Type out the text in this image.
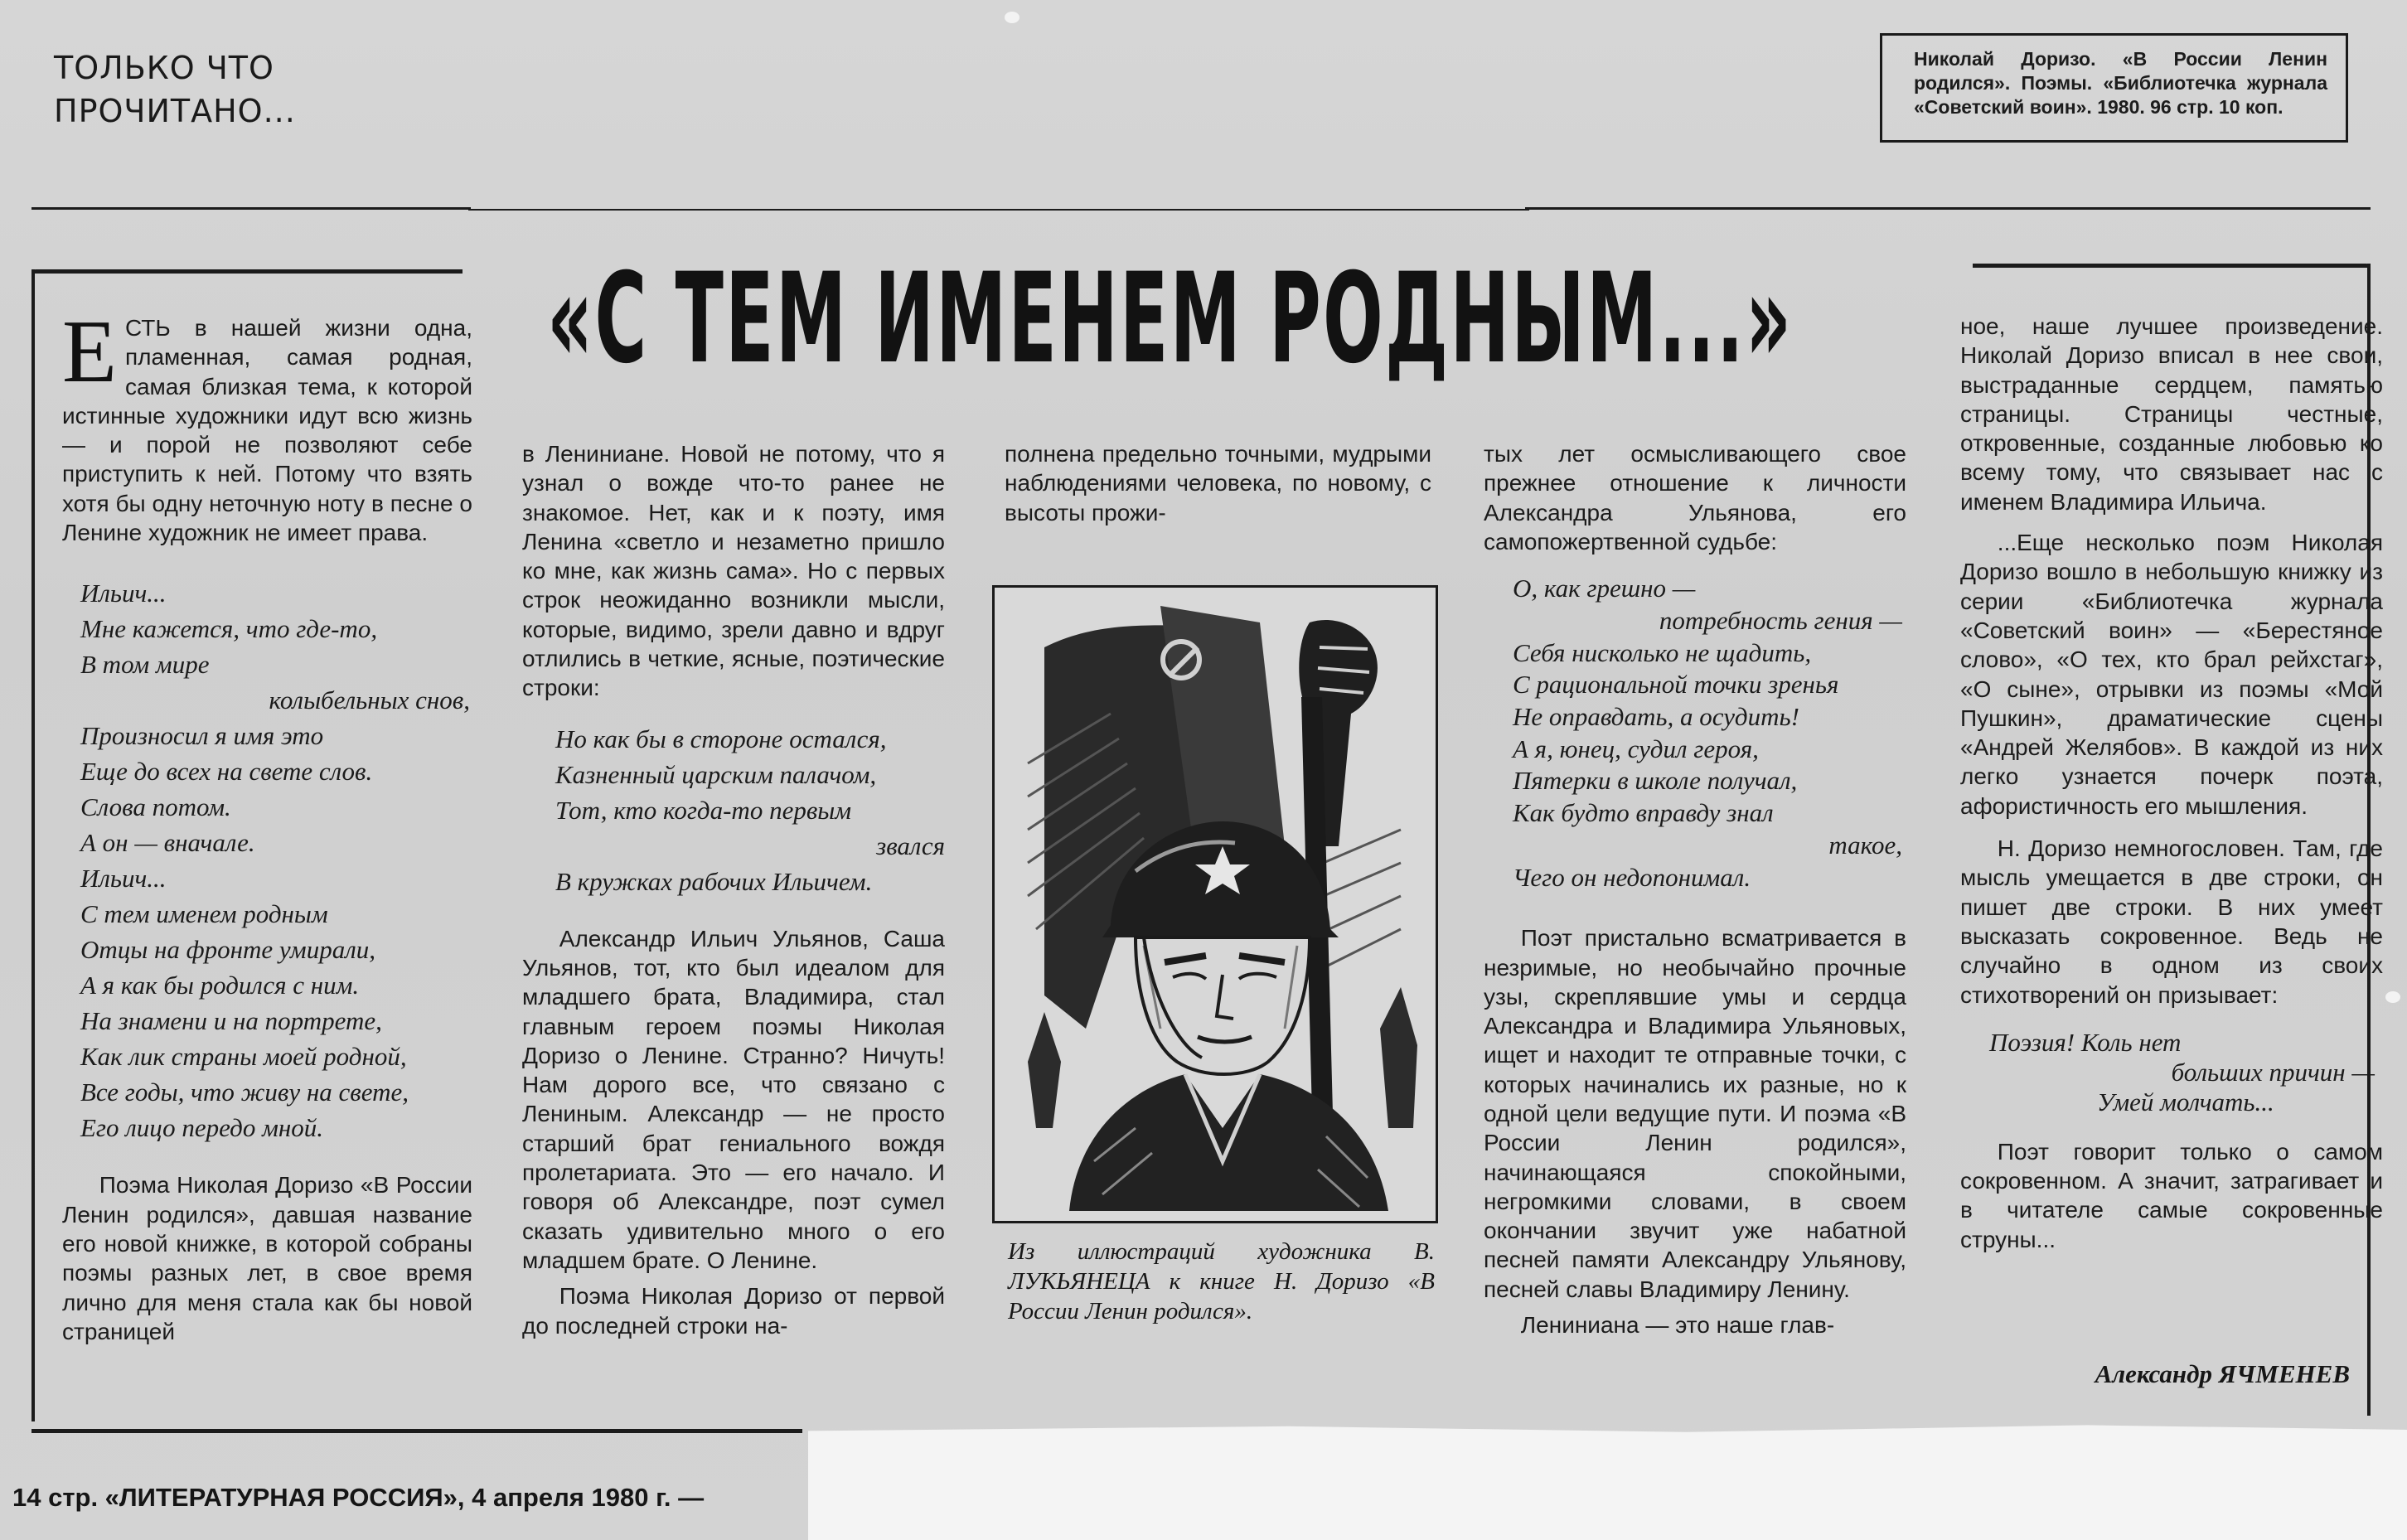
ТОЛЬКО ЧТО
ПРОЧИТАНО...
Николай Доризо. «В России Ленин родился». Поэмы. «Библиотечка журнала «Советский воин». 1980. 96 стр. 10 коп.
«С ТЕМ ИМЕНЕМ РОДНЫМ...»

ЕСТЬ в нашей жизни одна, пламенная, самая родная, самая близкая тема, к которой истинные художники идут всю жизнь — и порой не позволяют себе приступить к ней. Потому что взять хотя бы одну неточную ноту в песне о Ленине художник не имеет права.

Ильич...
Мне кажется, что где-то,
В том мире
колыбельных снов,
Произносил я имя это
Еще до всех на свете слов.
Слова потом.
А он — вначале.
Ильич...
С тем именем родным
Отцы на фронте умирали,
А я как бы родился с ним.
На знамени и на портрете,
Как лик страны моей родной,
Все годы, что живу на свете,
Его лицо передо мной.

Поэма Николая Доризо «В России Ленин родился», давшая название его новой книжке, в которой собраны поэмы разных лет, в свое время лично для меня стала как бы новой страницей

в Лениниане. Новой не потому, что я узнал о вожде что-то ранее не знакомое. Нет, как и к поэту, имя Ленина «светло и незаметно пришло ко мне, как жизнь сама». Но с первых строк неожиданно возникли мысли, которые, видимо, зрели давно и вдруг отлились в четкие, ясные, поэтические строки:

Но как бы в стороне остался,
Казненный царским палачом,
Тот, кто когда-то первым
звался
В кружках рабочих Ильичем.

Александр Ильич Ульянов, Саша Ульянов, тот, кто был идеалом для младшего брата, Владимира, стал главным героем поэмы Николая Доризо о Ленине. Странно? Ничуть! Нам дорого все, что связано с Лениным. Александр — не просто старший брат гениального вождя пролетариата. Это — его начало. И говоря об Александре, поэт сумел сказать удивительно много о его младшем брате. О Ленине.

Поэма Николая Доризо от первой до последней строки на-

полнена предельно точными, мудрыми наблюдениями человека, по новому, с высоты прожи-

Из иллюстраций художника В. ЛУКЬЯНЕЦА к книге Н. Доризо «В России Ленин родился».

тых лет осмысливающего свое прежнее отношение к личности Александра Ульянова, его самопожертвенной судьбе:

О, как грешно —
потребность гения —
Себя нисколько не щадить,
С рациональной точки зренья
Не оправдать, а осудить!
А я, юнец, судил героя,
Пятерки в школе получал,
Как будто вправду знал
такое,
Чего он недопонимал.

Поэт пристально всматривается в незримые, но необычайно прочные узы, скреплявшие умы и сердца Александра и Владимира Ульяновых, ищет и находит те отправные точки, с которых начинались их разные, но к одной цели ведущие пути. И поэма «В России Ленин родился», начинающаяся спокойными, негромкими словами, в своем окончании звучит уже набатной песней памяти Александру Ульянову, песней славы Владимиру Ленину.

Лениниана — это наше глав-

ное, наше лучшее произведение. Николай Доризо вписал в нее свои, выстраданные сердцем, памятью страницы. Страницы честные, откровенные, созданные любовью ко всему тому, что связывает нас с именем Владимира Ильича.

...Еще несколько поэм Николая Доризо вошло в небольшую книжку из серии «Библиотечка журнала «Советский воин» — «Берестяное слово», «О тех, кто брал рейхстаг», «О сыне», отрывки из поэмы «Мой Пушкин», драматические сцены «Андрей Желябов». В каждой из них легко узнается почерк поэта, афористичность его мышления.

Н. Доризо немногословен. Там, где мысль умещается в две строки, он пишет две строки. В них умеет высказать сокровенное. Ведь не случайно в одном из своих стихотворений он призывает:

Поэзия! Коль нет
больших причин —
Умей молчать...

Поэт говорит только о самом сокровенном. А значит, затрагивает и в читателе самые сокровенные струны...

Александр ЯЧМЕНЕВ
14 стр. «ЛИТЕРАТУРНАЯ РОССИЯ», 4 апреля 1980 г. —
